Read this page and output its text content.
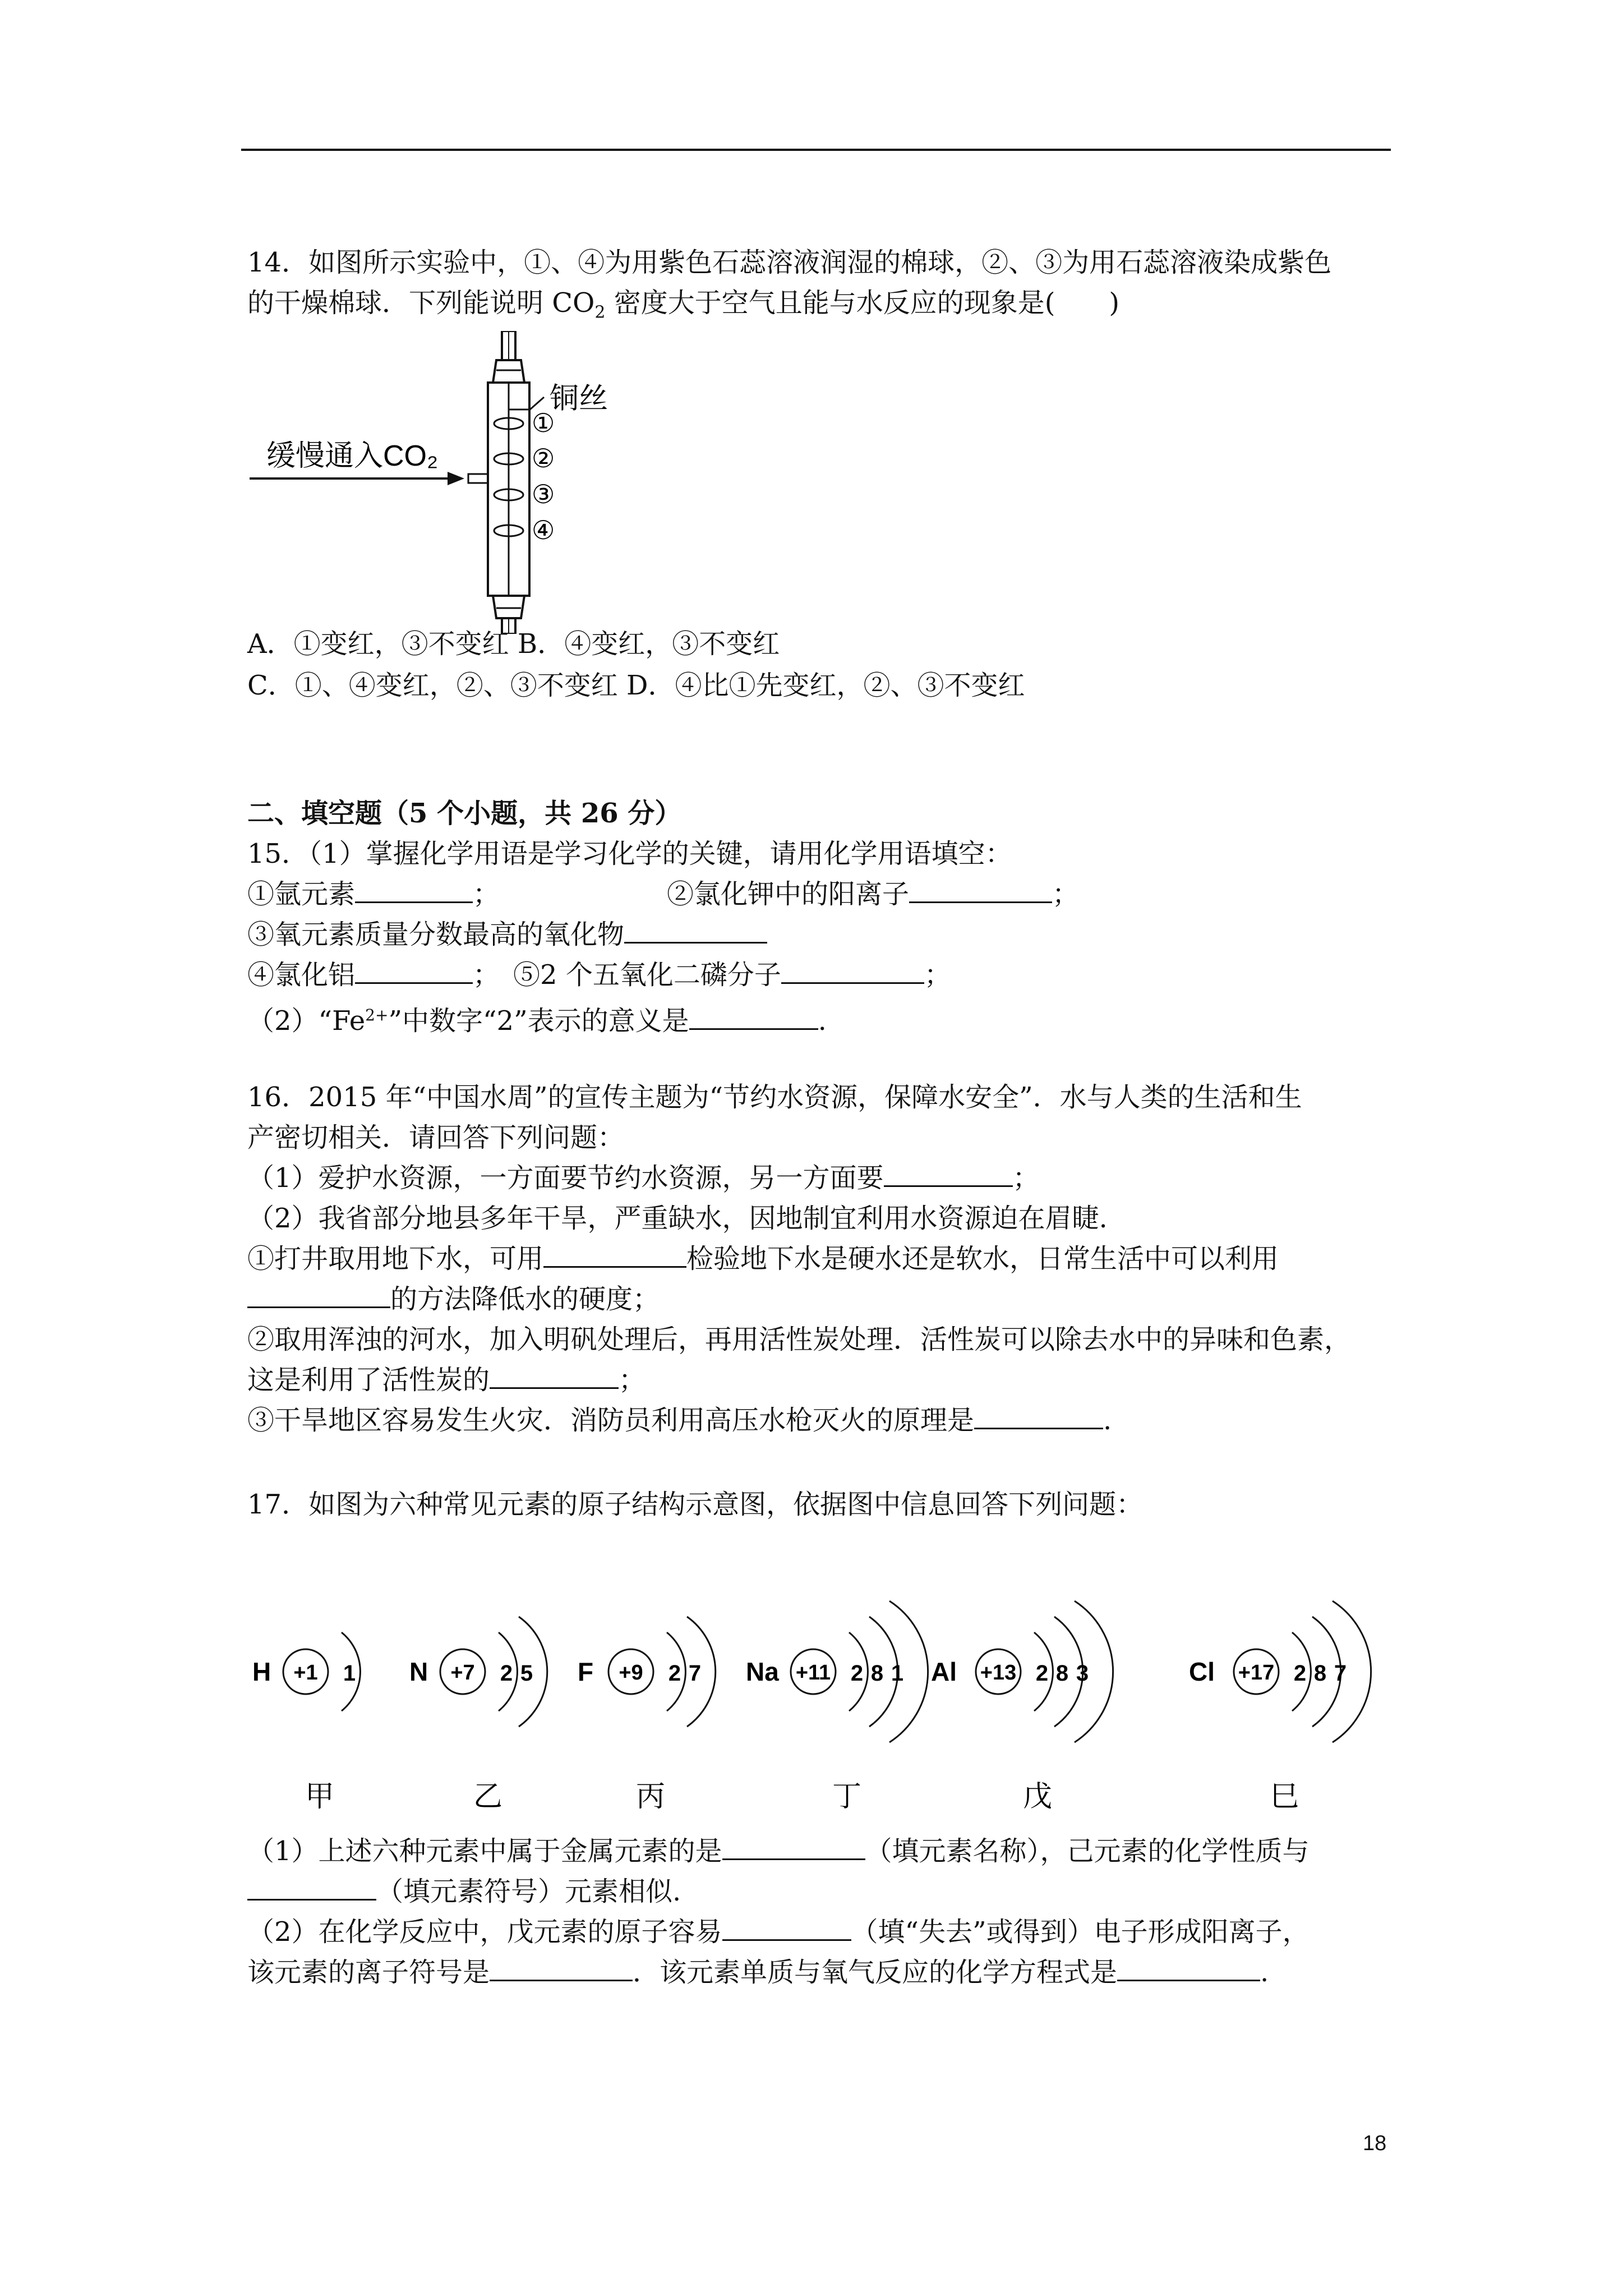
14．如图所示实验中，①、④为用紫色石蕊溶液润湿的棉球，②、③为用石蕊溶液染成紫色
的干燥棉球．下列能说明 $CO_2$ 密度大于空气且能与水反应的现象是(　　)
铜丝
①
②
③
④
缓慢通入CO₂
A．①变红，③不变红 B．④变红，③不变红
C．①、④变红，②、③不变红 D．④比①先变红，②、③不变红
二、填空题（5 个小题，共 26 分）
15．（1）掌握化学用语是学习化学的关键，请用化学用语填空：
①氩元素	；	②氯化钾中的阳离子	；
③氧元素质量分数最高的氧化物
④氯化铝	；　⑤2 个五氧化二磷分子	；
$(2)“Fe^{2+}$”中数字“2”表示的意义是	.
16．2015 年“中国水周”的宣传主题为“节约水资源，保障水安全”．水与人类的生活和生
产密切相关．请回答下列问题：
（1）爱护水资源，一方面要节约水资源，另一方面要	；
（2）我省部分地县多年干旱，严重缺水，因地制宜利用水资源迫在眉睫.
①打井取用地下水，可用	检验地下水是硬水还是软水，日常生活中可以利用
的方法降低水的硬度；
②取用浑浊的河水，加入明矾处理后，再用活性炭处理．活性炭可以除去水中的异味和色素，
这是利用了活性炭的	；
③干旱地区容易发生火灾．消防员利用高压水枪灭火的原理是	.
17．如图为六种常见元素的原子结构示意图，依据图中信息回答下列问题：
H +1 1
甲
N +7 2 5
乙
F +9 2 7
丙
Na +11 2 8 1
丁
Al +13 2 8 3
戊
Cl +17 2 8 7
巳
（1）上述六种元素中属于金属元素的是	（填元素名称），己元素的化学性质与
（填元素符号）元素相似.
（2）在化学反应中，戊元素的原子容易	（填“失去”或得到）电子形成阳离子，
该元素的离子符号是	．该元素单质与氧气反应的化学方程式是	.
18
